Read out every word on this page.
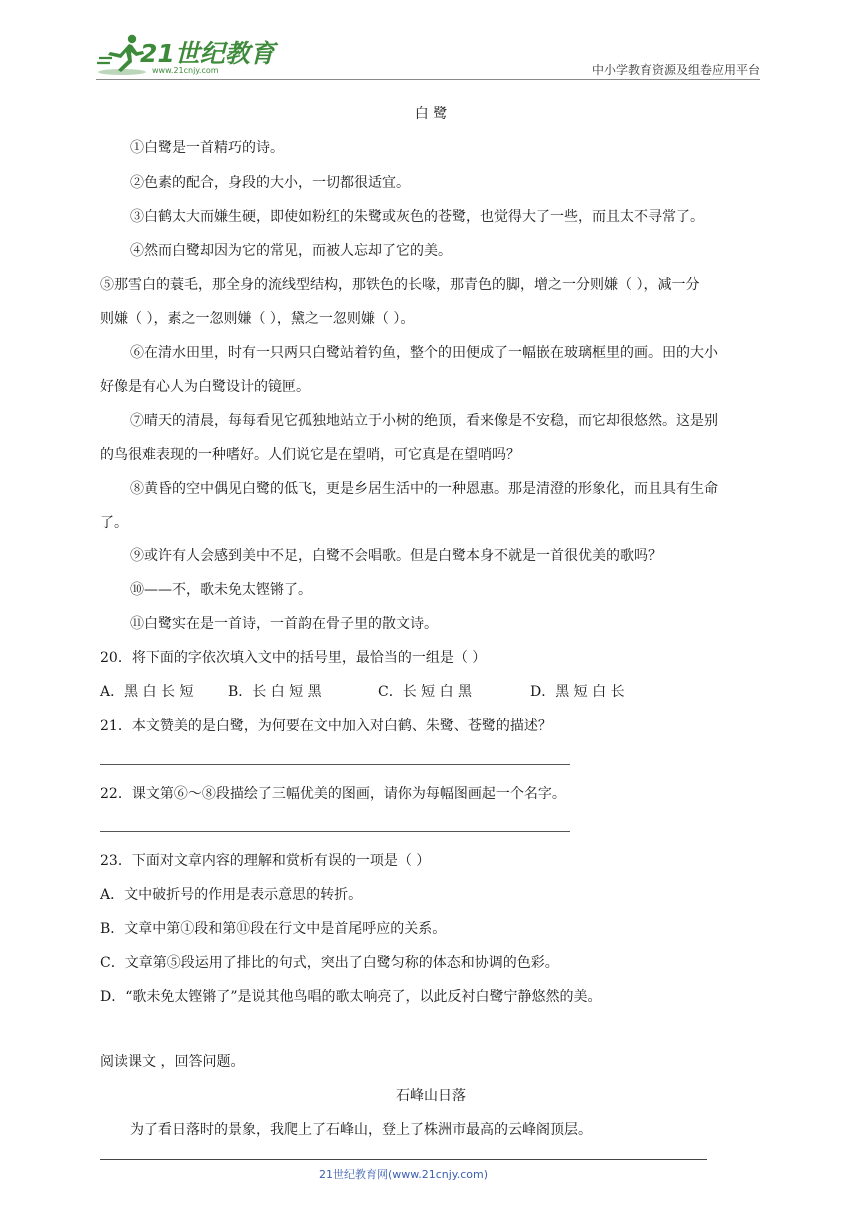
21世纪教育
www.21cnjy.com	中小学教育资源及组卷应用平台
白 鹭
①白鹭是一首精巧的诗。
②色素的配合，身段的大小，一切都很适宜。
③白鹤太大而嫌生硬，即使如粉红的朱鹭或灰色的苍鹭，也觉得大了一些，而且太不寻常了。
④然而白鹭却因为它的常见，而被人忘却了它的美。
⑤那雪白的蓑毛，那全身的流线型结构，那铁色的长喙，那青色的脚，增之一分则嫌（ ），减一分
则嫌（ ），素之一忽则嫌（ ），黛之一忽则嫌（ ）。
⑥在清水田里，时有一只两只白鹭站着钓鱼，整个的田便成了一幅嵌在玻璃框里的画。田的大小
好像是有心人为白鹭设计的镜匣。
⑦晴天的清晨，每每看见它孤独地站立于小树的绝顶，看来像是不安稳，而它却很悠然。这是别
的鸟很难表现的一种嗜好。人们说它是在望哨，可它真是在望哨吗？
⑧黄昏的空中偶见白鹭的低飞，更是乡居生活中的一种恩惠。那是清澄的形象化，而且具有生命
了。
⑨或许有人会感到美中不足，白鹭不会唱歌。但是白鹭本身不就是一首很优美的歌吗？
⑩——不，歌未免太铿锵了。
⑪白鹭实在是一首诗，一首韵在骨子里的散文诗。
20．将下面的字依次填入文中的括号里，最恰当的一组是（ ）
A．黑 白 长 短 B．长 白 短 黑	C．长 短 白 黑	D．黑 短 白 长
21．本文赞美的是白鹭，为何要在文中加入对白鹤、朱鹭、苍鹭的描述？
22．课文第⑥～⑧段描绘了三幅优美的图画，请你为每幅图画起一个名字。
23．下面对文章内容的理解和赏析有误的一项是（ ）
A．文中破折号的作用是表示意思的转折。
B．文章中第①段和第⑪段在行文中是首尾呼应的关系。
C．文章第⑤段运用了排比的句式，突出了白鹭匀称的体态和协调的色彩。
D．“歌未免太铿锵了”是说其他鸟唱的歌太响亮了，以此反衬白鹭宁静悠然的美。
阅读课文 ，回答问题。
石峰山日落
为了看日落时的景象，我爬上了石峰山，登上了株洲市最高的云峰阁顶层。
21世纪教育网(www.21cnjy.com)
